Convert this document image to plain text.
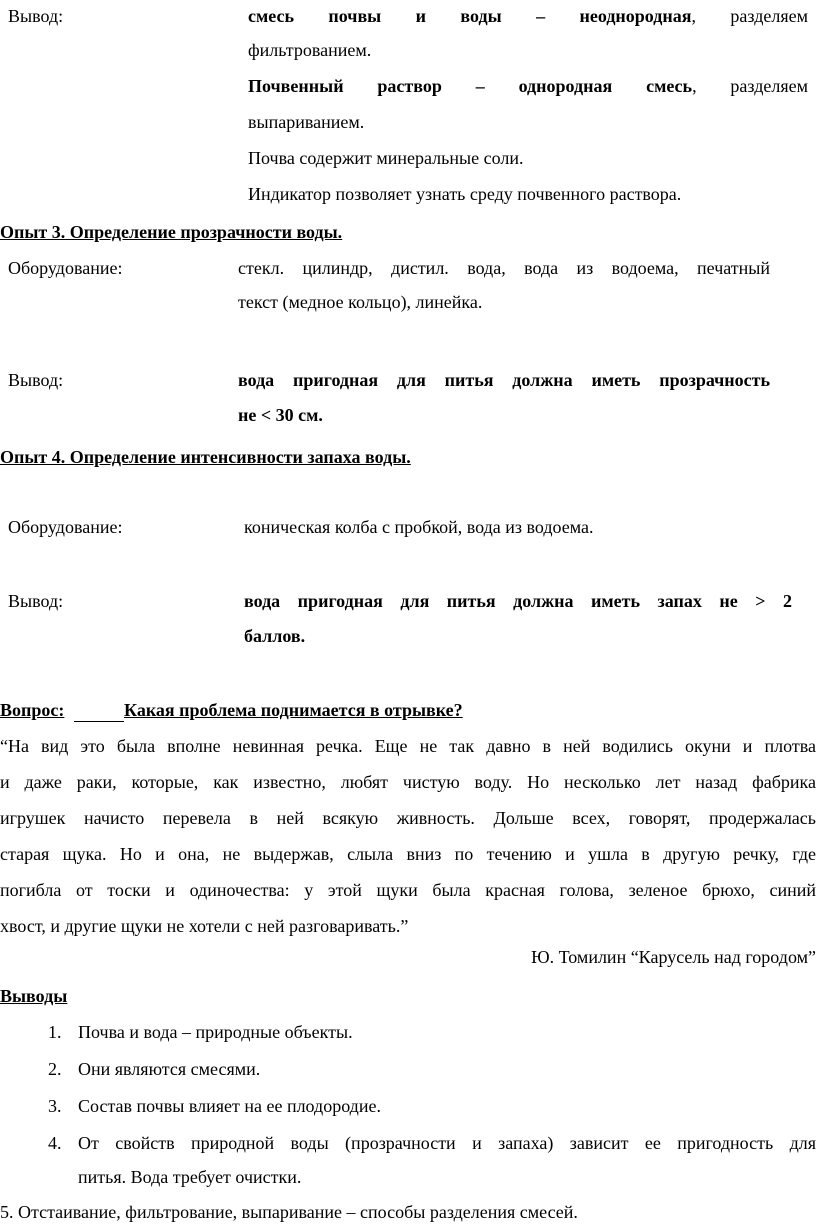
Вывод:	смесь почвы и воды – неоднородная, разделяем
фильтрованием.
Почвенный раствор – однородная смесь, разделяем
выпариванием.
Почва содержит минеральные соли.
Индикатор позволяет узнать среду почвенного раствора.
Опыт 3. Определение прозрачности воды.
Оборудование:	стекл. цилиндр, дистил. вода, вода из водоема, печатный
текст (медное кольцо), линейка.
Вывод:	вода пригодная для питья должна иметь прозрачность
не < 30 см.
Опыт 4. Определение интенсивности запаха воды.
Оборудование:	коническая колба с пробкой, вода из водоема.
Вывод:	вода пригодная для питья должна иметь запах не > 2
баллов.
Вопрос:	Какая проблема поднимается в отрывке?
“На вид это была вполне невинная речка. Еще не так давно в ней водились окуни и плотва
и даже раки, которые, как известно, любят чистую воду. Но несколько лет назад фабрика
игрушек начисто перевела в ней всякую живность. Дольше всех, говорят, продержалась
старая щука. Но и она, не выдержав, слыла вниз по течению и ушла в другую речку, где
погибла от тоски и одиночества: у этой щуки была красная голова, зеленое брюхо, синий
хвост, и другие щуки не хотели с ней разговаривать.”
Ю. Томилин “Карусель над городом”
Выводы
1. Почва и вода – природные объекты.
2. Они являются смесями.
3. Состав почвы влияет на ее плодородие.
4. От свойств природной воды (прозрачности и запаха) зависит ее пригодность для
питья. Вода требует очистки.
5. Отстаивание, фильтрование, выпаривание – способы разделения смесей.
